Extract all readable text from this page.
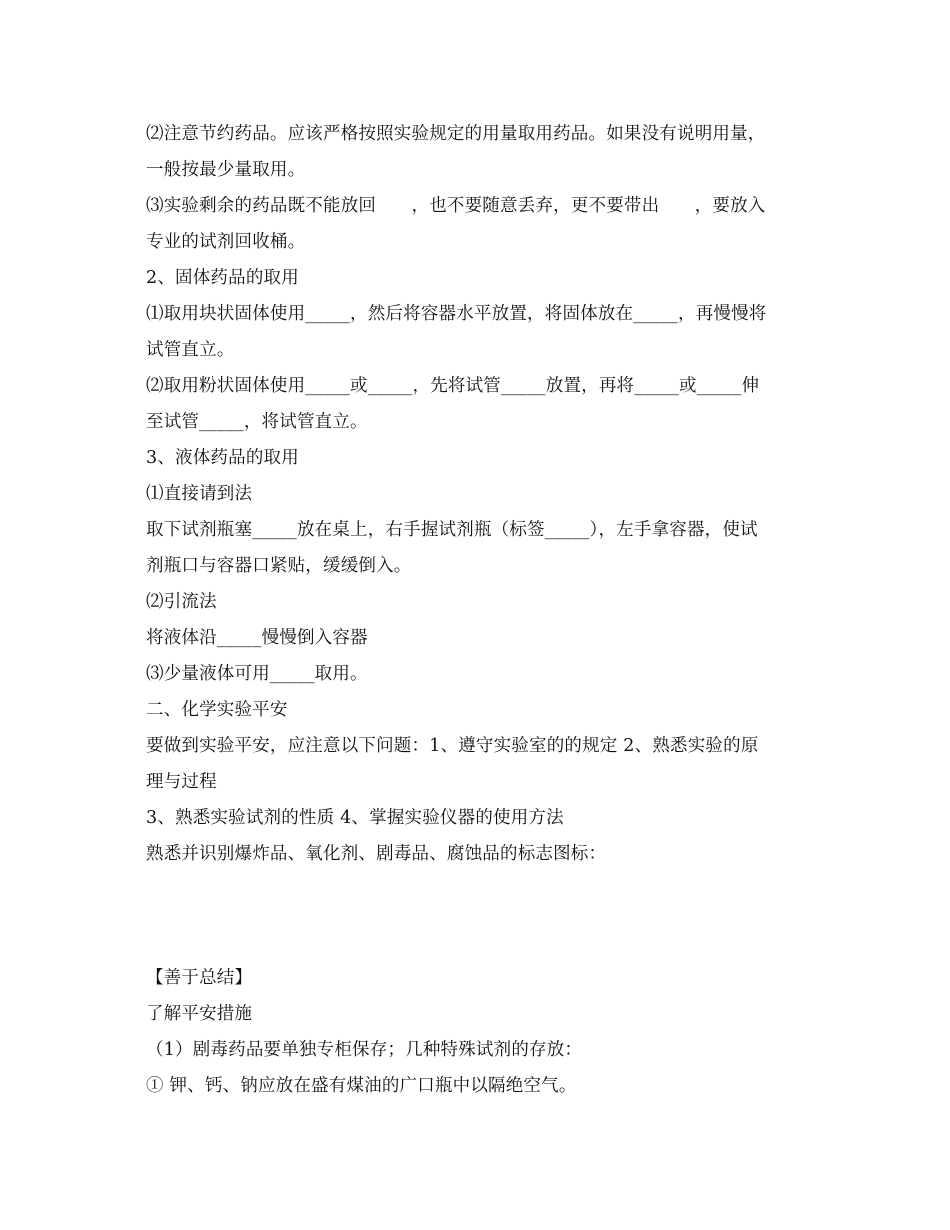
⑵注意节约药品。应该严格按照实验规定的用量取用药品。如果没有说明用量，
一般按最少量取用。
⑶实验剩余的药品既不能放回　　，也不要随意丢弃，更不要带出　　，要放入
专业的试剂回收桶。
2、固体药品的取用
⑴取用块状固体使用_____，然后将容器水平放置，将固体放在_____，再慢慢将
试管直立。
⑵取用粉状固体使用_____或_____，先将试管_____放置，再将_____或_____伸
至试管_____，将试管直立。
3、液体药品的取用
⑴直接请到法
取下试剂瓶塞_____放在桌上，右手握试剂瓶（标签_____），左手拿容器，使试
剂瓶口与容器口紧贴，缓缓倒入。
⑵引流法
将液体沿_____慢慢倒入容器
⑶少量液体可用_____取用。
二、化学实验平安
要做到实验平安，应注意以下问题：1、遵守实验室的的规定 2、熟悉实验的原
理与过程
3、熟悉实验试剂的性质 4、掌握实验仪器的使用方法
熟悉并识别爆炸品、氧化剂、剧毒品、腐蚀品的标志图标：
【善于总结】
了解平安措施
（1）剧毒药品要单独专柜保存；几种特殊试剂的存放：
① 钾、钙、钠应放在盛有煤油的广口瓶中以隔绝空气。
